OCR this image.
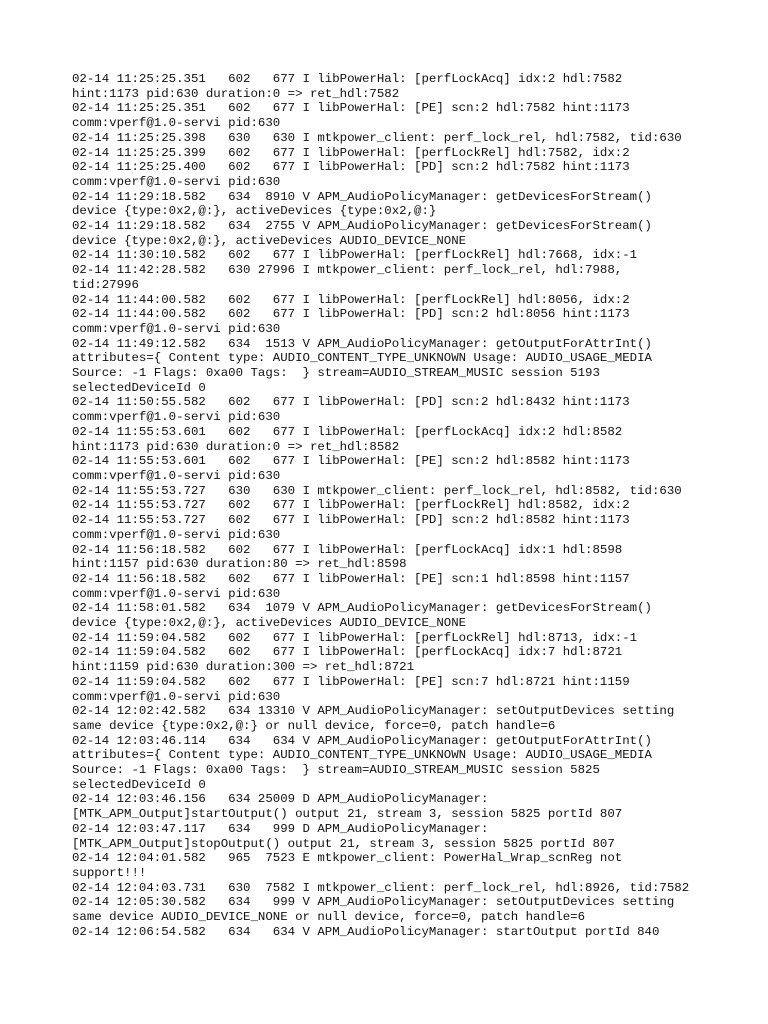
02-14 11:25:25.351   602   677 I libPowerHal: [perfLockAcq] idx:2 hdl:7582
hint:1173 pid:630 duration:0 => ret_hdl:7582
02-14 11:25:25.351   602   677 I libPowerHal: [PE] scn:2 hdl:7582 hint:1173
comm:vperf@1.0-servi pid:630
02-14 11:25:25.398   630   630 I mtkpower_client: perf_lock_rel, hdl:7582, tid:630
02-14 11:25:25.399   602   677 I libPowerHal: [perfLockRel] hdl:7582, idx:2
02-14 11:25:25.400   602   677 I libPowerHal: [PD] scn:2 hdl:7582 hint:1173
comm:vperf@1.0-servi pid:630
02-14 11:29:18.582   634  8910 V APM_AudioPolicyManager: getDevicesForStream()
device {type:0x2,@:}, activeDevices {type:0x2,@:}
02-14 11:29:18.582   634  2755 V APM_AudioPolicyManager: getDevicesForStream()
device {type:0x2,@:}, activeDevices AUDIO_DEVICE_NONE
02-14 11:30:10.582   602   677 I libPowerHal: [perfLockRel] hdl:7668, idx:-1
02-14 11:42:28.582   630 27996 I mtkpower_client: perf_lock_rel, hdl:7988,
tid:27996
02-14 11:44:00.582   602   677 I libPowerHal: [perfLockRel] hdl:8056, idx:2
02-14 11:44:00.582   602   677 I libPowerHal: [PD] scn:2 hdl:8056 hint:1173
comm:vperf@1.0-servi pid:630
02-14 11:49:12.582   634  1513 V APM_AudioPolicyManager: getOutputForAttrInt()
attributes={ Content type: AUDIO_CONTENT_TYPE_UNKNOWN Usage: AUDIO_USAGE_MEDIA
Source: -1 Flags: 0xa00 Tags:  } stream=AUDIO_STREAM_MUSIC session 5193
selectedDeviceId 0
02-14 11:50:55.582   602   677 I libPowerHal: [PD] scn:2 hdl:8432 hint:1173
comm:vperf@1.0-servi pid:630
02-14 11:55:53.601   602   677 I libPowerHal: [perfLockAcq] idx:2 hdl:8582
hint:1173 pid:630 duration:0 => ret_hdl:8582
02-14 11:55:53.601   602   677 I libPowerHal: [PE] scn:2 hdl:8582 hint:1173
comm:vperf@1.0-servi pid:630
02-14 11:55:53.727   630   630 I mtkpower_client: perf_lock_rel, hdl:8582, tid:630
02-14 11:55:53.727   602   677 I libPowerHal: [perfLockRel] hdl:8582, idx:2
02-14 11:55:53.727   602   677 I libPowerHal: [PD] scn:2 hdl:8582 hint:1173
comm:vperf@1.0-servi pid:630
02-14 11:56:18.582   602   677 I libPowerHal: [perfLockAcq] idx:1 hdl:8598
hint:1157 pid:630 duration:80 => ret_hdl:8598
02-14 11:56:18.582   602   677 I libPowerHal: [PE] scn:1 hdl:8598 hint:1157
comm:vperf@1.0-servi pid:630
02-14 11:58:01.582   634  1079 V APM_AudioPolicyManager: getDevicesForStream()
device {type:0x2,@:}, activeDevices AUDIO_DEVICE_NONE
02-14 11:59:04.582   602   677 I libPowerHal: [perfLockRel] hdl:8713, idx:-1
02-14 11:59:04.582   602   677 I libPowerHal: [perfLockAcq] idx:7 hdl:8721
hint:1159 pid:630 duration:300 => ret_hdl:8721
02-14 11:59:04.582   602   677 I libPowerHal: [PE] scn:7 hdl:8721 hint:1159
comm:vperf@1.0-servi pid:630
02-14 12:02:42.582   634 13310 V APM_AudioPolicyManager: setOutputDevices setting
same device {type:0x2,@:} or null device, force=0, patch handle=6
02-14 12:03:46.114   634   634 V APM_AudioPolicyManager: getOutputForAttrInt()
attributes={ Content type: AUDIO_CONTENT_TYPE_UNKNOWN Usage: AUDIO_USAGE_MEDIA
Source: -1 Flags: 0xa00 Tags:  } stream=AUDIO_STREAM_MUSIC session 5825
selectedDeviceId 0
02-14 12:03:46.156   634 25009 D APM_AudioPolicyManager:
[MTK_APM_Output]startOutput() output 21, stream 3, session 5825 portId 807
02-14 12:03:47.117   634   999 D APM_AudioPolicyManager:
[MTK_APM_Output]stopOutput() output 21, stream 3, session 5825 portId 807
02-14 12:04:01.582   965  7523 E mtkpower_client: PowerHal_Wrap_scnReg not
support!!!
02-14 12:04:03.731   630  7582 I mtkpower_client: perf_lock_rel, hdl:8926, tid:7582
02-14 12:05:30.582   634   999 V APM_AudioPolicyManager: setOutputDevices setting
same device AUDIO_DEVICE_NONE or null device, force=0, patch handle=6
02-14 12:06:54.582   634   634 V APM_AudioPolicyManager: startOutput portId 840
